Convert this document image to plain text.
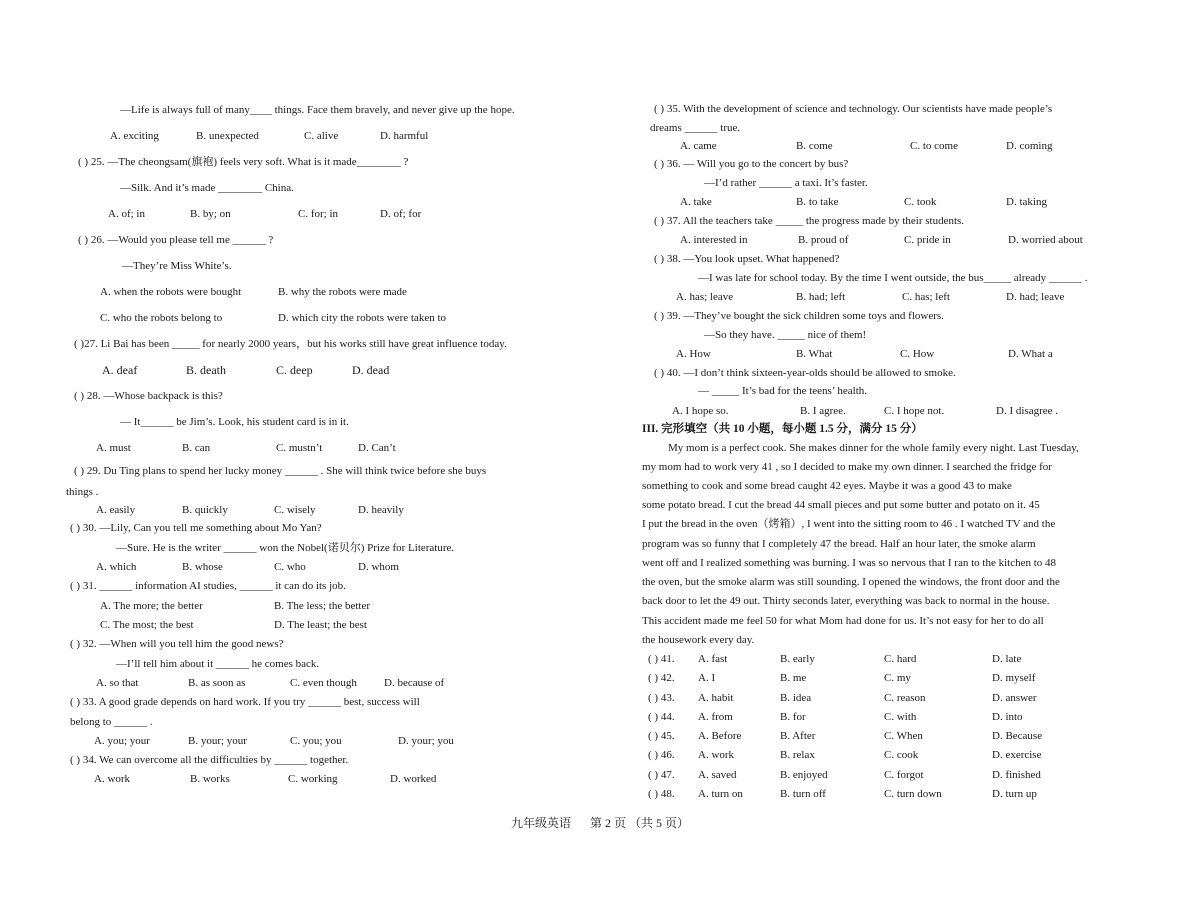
—Life is always full of many____ things. Face them bravely, and never give up the hope.
A. exciting	B. unexpected	C. alive	D. harmful
( ) 25. —The cheongsam(旗袍) feels very soft. What is it made________ ?
—Silk. And it’s made ________ China.
A. of; in	B. by; on	C. for; in	D. of; for
( ) 26. —Would you please tell me ______ ?
—They’re Miss White’s.
A. when the robots were bought	B. why the robots were made
C. who the robots belong to	D. which city the robots were taken to
( )27. Li Bai has been _____ for nearly 2000 years，but his works still have great influence today.
A. deaf	B. death	C. deep	D. dead
( ) 28. —Whose backpack is this?
— It______ be Jim’s. Look, his student card is in it.
A. must	B. can	C. mustn’t	D. Can’t
( ) 29. Du Ting plans to spend her lucky money ______ . She will think twice before she buys
things .
A. easily	B. quickly	C. wisely	D. heavily
( ) 30. —Lily, Can you tell me something about Mo Yan?
—Sure. He is the writer ______ won the Nobel(诺贝尔) Prize for Literature.
A. which	B. whose	C. who	D. whom
( ) 31. ______ information AI studies, ______ it can do its job.
A. The more; the better	B. The less; the better
C. The most; the best	D. The least; the best
( ) 32. —When will you tell him the good news?
—I’ll tell him about it ______ he comes back.
A. so that	B. as soon as	C. even though D. because of
( ) 33. A good grade depends on hard work. If you try ______ best, success will
belong to ______ .
A. you; your	B. your; your	C. you; you	D. your; you
( ) 34. We can overcome all the difficulties by ______ together.
A. work	B. works	C. working	D. worked
( ) 35. With the development of science and technology. Our scientists have made people’s
dreams ______ true.
A. came	B. come	C. to come	D. coming
( ) 36. — Will you go to the concert by bus?
—I’d rather ______ a taxi. It’s faster.
A. take	B. to take	C. took	D. taking
( ) 37. All the teachers take _____ the progress made by their students.
A. interested in	B. proud of	C. pride in	D. worried about
( ) 38. —You look upset. What happened?
—I was late for school today. By the time I went outside, the bus_____ already ______ .
A. has; leave	B. had; left	C. has; left	D. had; leave
( ) 39. —They’ve bought the sick children some toys and flowers.
—So they have. _____ nice of them!
A. How	B. What	C. How	D. What a
( ) 40. —I don’t think sixteen-year-olds should be allowed to smoke.
— _____ It’s bad for the teens’ health.
A. I hope so.	B. I agree.	C. I hope not.	D. I disagree .
III. 完形填空（共 10 小题，每小题 1.5 分，满分 15 分）
My mom is a perfect cook. She makes dinner for the whole family every night. Last Tuesday,
my mom had to work very 41 , so I decided to make my own dinner. I searched the fridge for
something to cook and some bread caught 42 eyes. Maybe it was a good 43 to make
some potato bread. I cut the bread 44 small pieces and put some butter and potato on it. 45
I put the bread in the oven（烤箱）, I went into the sitting room to 46 . I watched TV and the
program was so funny that I completely 47 the bread. Half an hour later, the smoke alarm
went off and I realized something was burning. I was so nervous that I ran to the kitchen to 48
the oven, but the smoke alarm was still sounding. I opened the windows, the front door and the
back door to let the 49 out. Thirty seconds later, everything was back to normal in the house.
This accident made me feel 50 for what Mom had done for us. It’s not easy for her to do all
the housework every day.
( ) 41. A. fast	B. early	C. hard	D. late
( ) 42. A. I	B. me	C. my	D. myself
( ) 43. A. habit	B. idea	C. reason	D. answer
( ) 44. A. from	B. for	C. with	D. into
( ) 45. A. Before	B. After	C. When	D. Because
( ) 46. A. work	B. relax	C. cook	D. exercise
( ) 47. A. saved	B. enjoyed	C. forgot	D. finished
( ) 48. A. turn on	B. turn off	C. turn down	D. turn up
九年级英语 第 2 页 （共 5 页）
